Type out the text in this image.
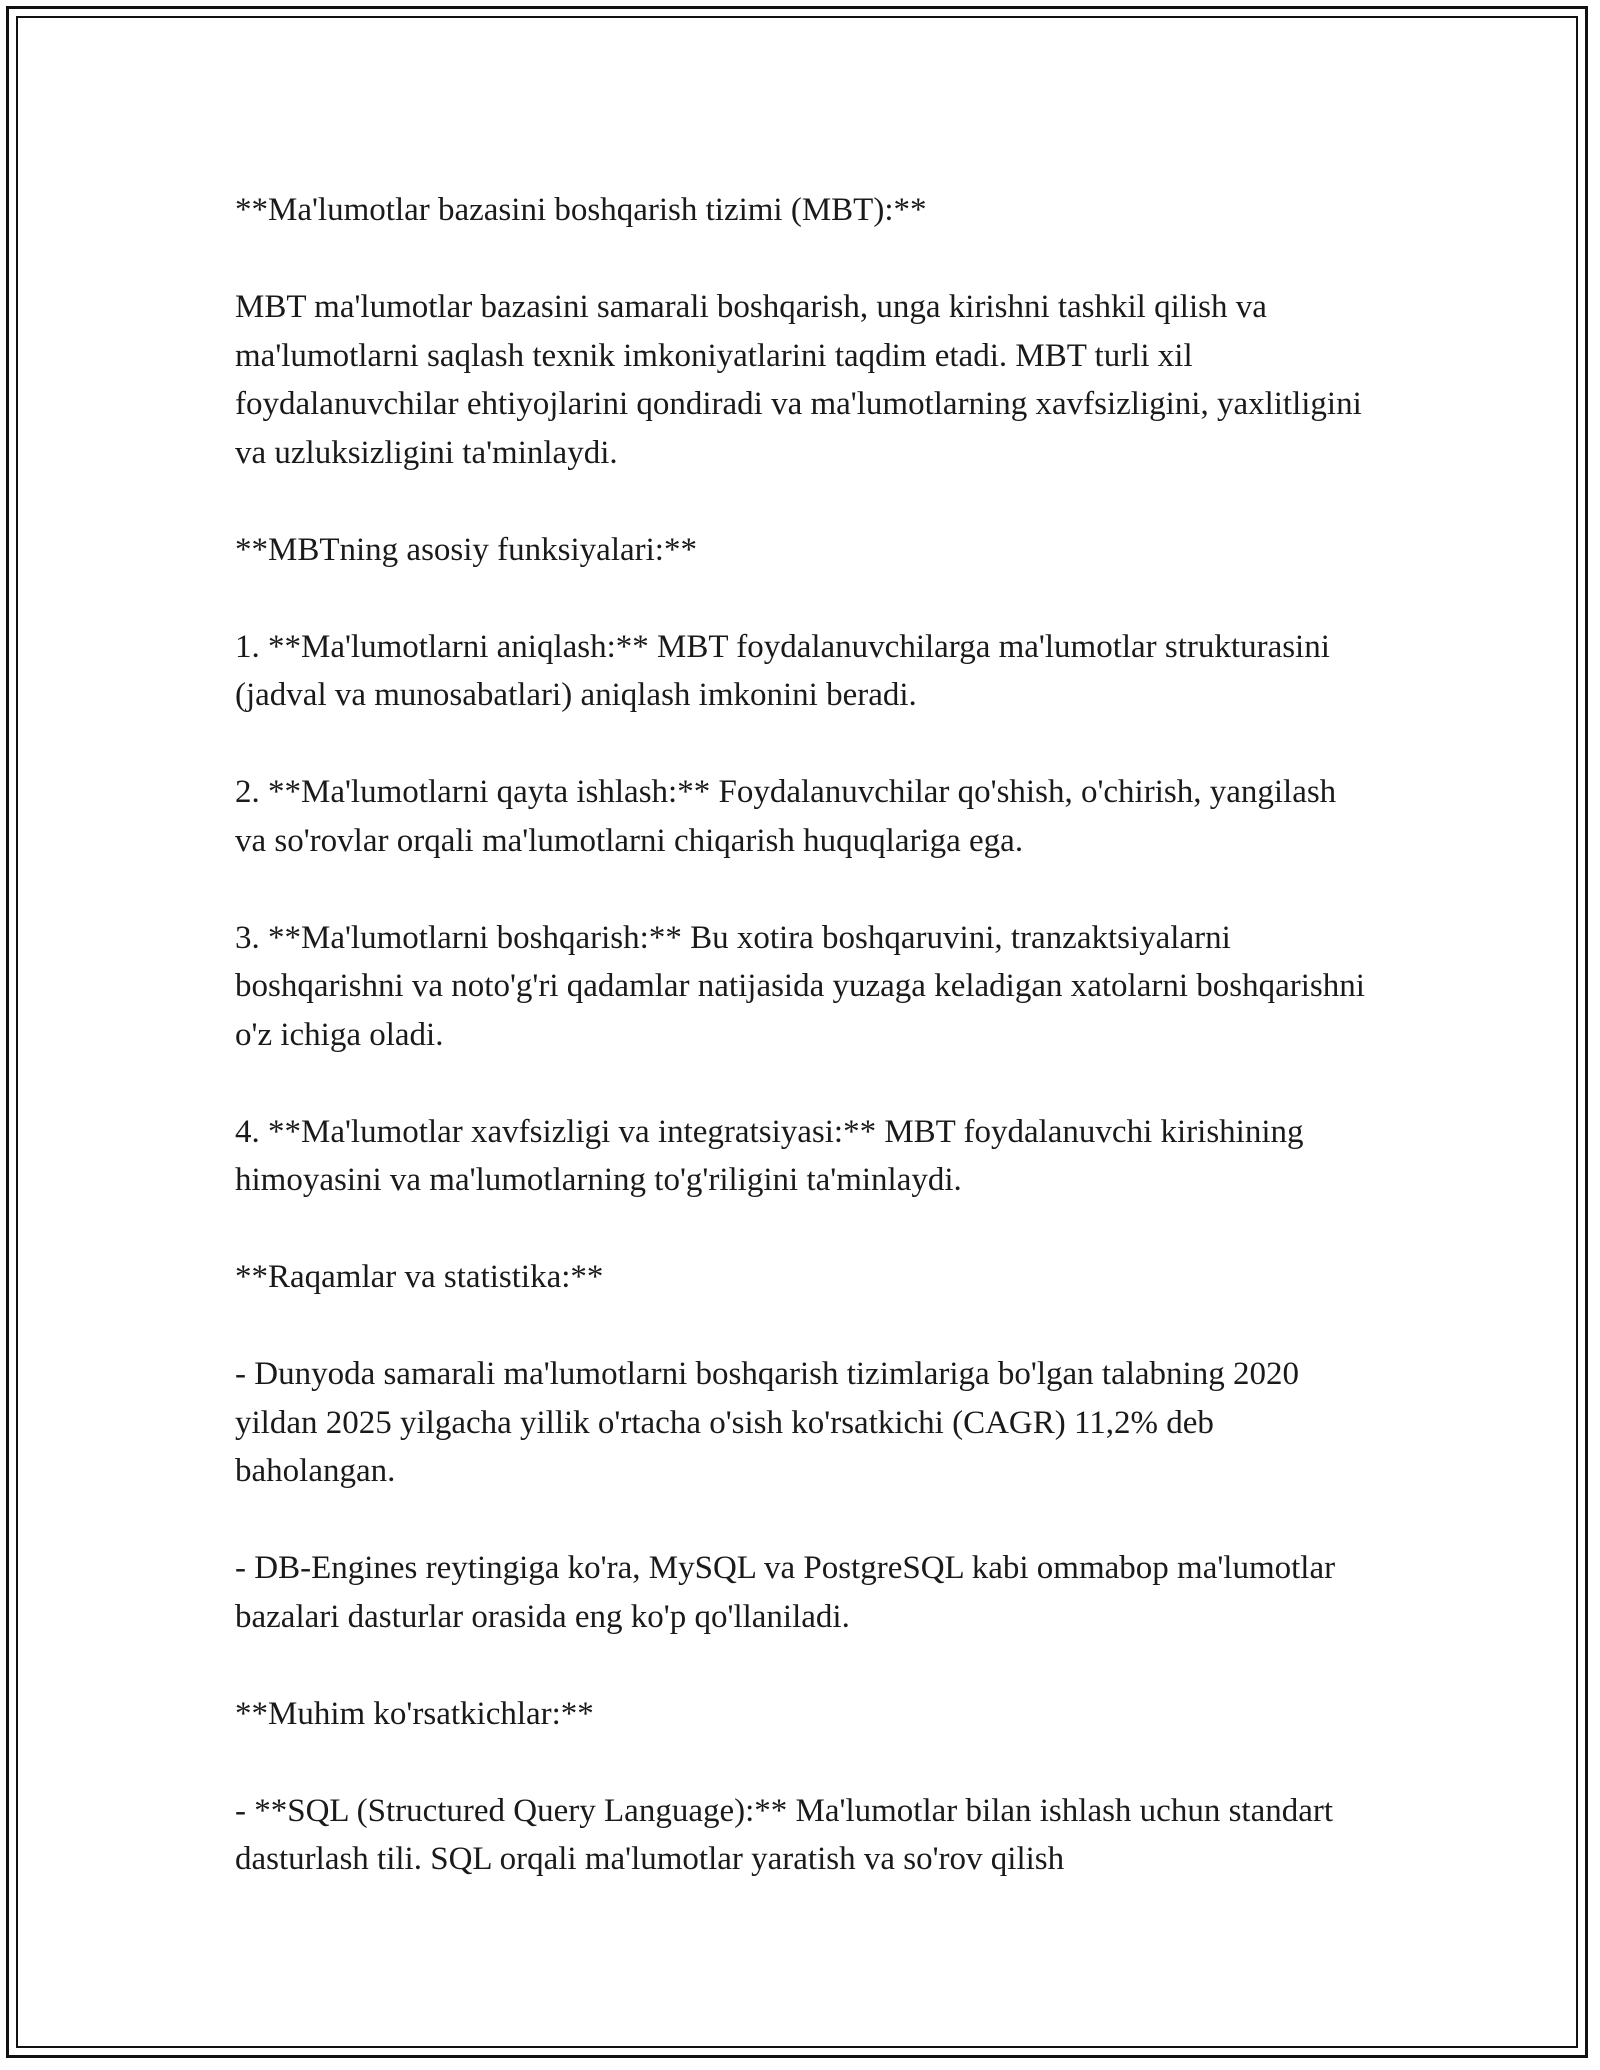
**Ma'lumotlar bazasini boshqarish tizimi (MBT):**

MBT ma'lumotlar bazasini samarali boshqarish, unga kirishni tashkil qilish va ma'lumotlarni saqlash texnik imkoniyatlarini taqdim etadi. MBT turli xil foydalanuvchilar ehtiyojlarini qondiradi va ma'lumotlarning xavfsizligini, yaxlitligini va uzluksizligini ta'minlaydi.

**MBTning asosiy funksiyalari:**

1. **Ma'lumotlarni aniqlash:** MBT foydalanuvchilarga ma'lumotlar strukturasini (jadval va munosabatlari) aniqlash imkonini beradi.

2. **Ma'lumotlarni qayta ishlash:** Foydalanuvchilar qo'shish, o'chirish, yangilash va so'rovlar orqali ma'lumotlarni chiqarish huquqlariga ega.

3. **Ma'lumotlarni boshqarish:** Bu xotira boshqaruvini, tranzaktsiyalarni boshqarishni va noto'g'ri qadamlar natijasida yuzaga keladigan xatolarni boshqarishni o'z ichiga oladi.

4. **Ma'lumotlar xavfsizligi va integratsiyasi:** MBT foydalanuvchi kirishining himoyasini va ma'lumotlarning to'g'riligini ta'minlaydi.

**Raqamlar va statistika:**

- Dunyoda samarali ma'lumotlarni boshqarish tizimlariga bo'lgan talabning 2020 yildan 2025 yilgacha yillik o'rtacha o'sish ko'rsatkichi (CAGR) 11,2% deb baholangan.

- DB-Engines reytingiga ko'ra, MySQL va PostgreSQL kabi ommabop ma'lumotlar bazalari dasturlar orasida eng ko'p qo'llaniladi.

**Muhim ko'rsatkichlar:**

- **SQL (Structured Query Language):** Ma'lumotlar bilan ishlash uchun standart dasturlash tili. SQL orqali ma'lumotlar yaratish va so'rov qilish
